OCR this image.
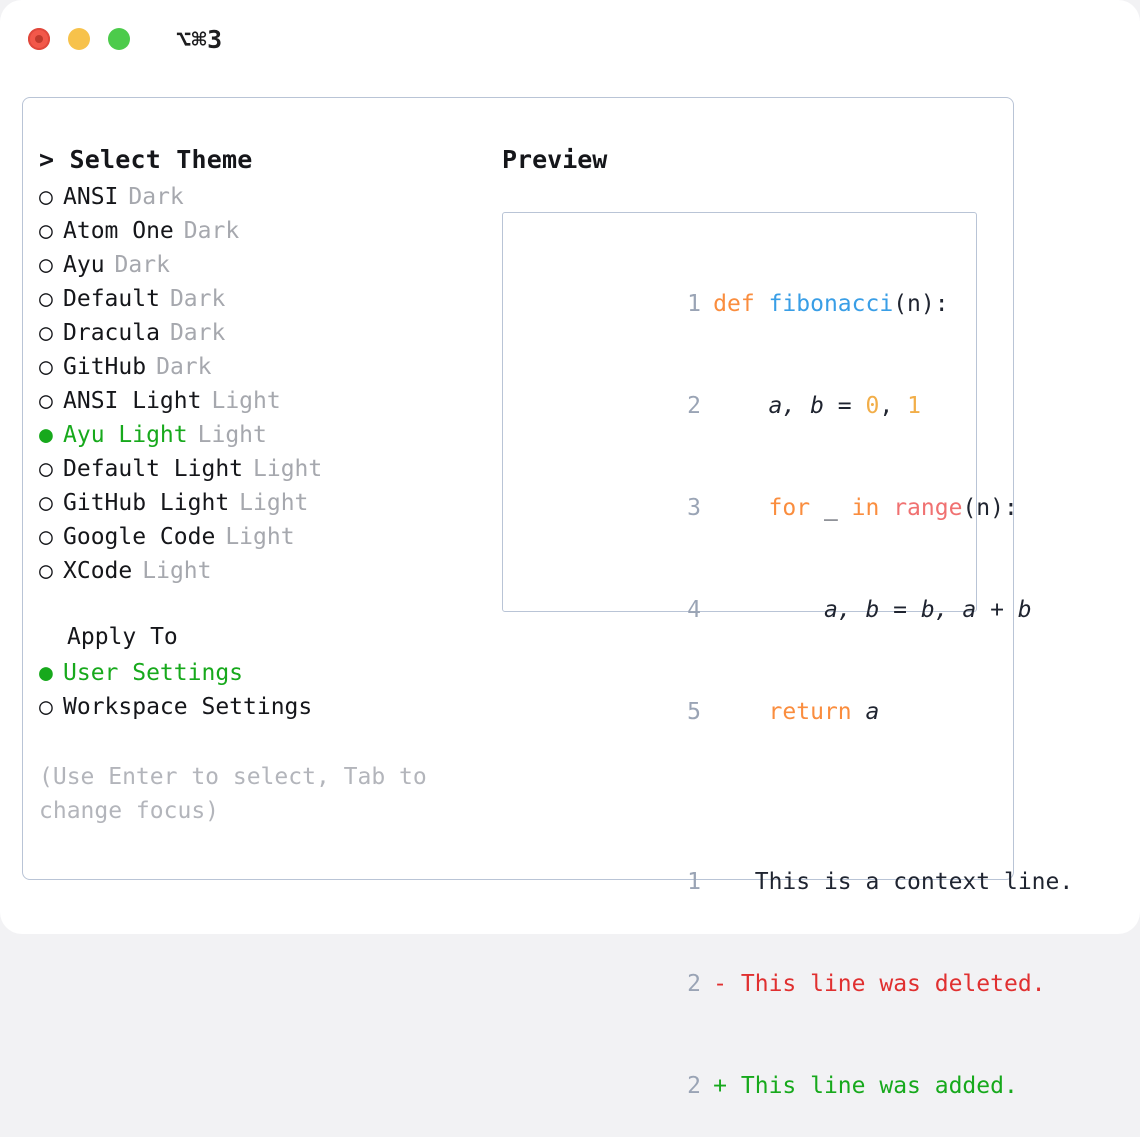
⌥⌘3
> Select Theme
○ ANSI Dark
○ Atom One Dark
○ Ayu Dark
○ Default Dark
○ Dracula Dark
○ GitHub Dark
○ ANSI Light Light
● Ayu Light Light
○ Default Light Light
○ GitHub Light Light
○ Google Code Light
○ XCode Light
Apply To
● User Settings
○ Workspace Settings
(Use Enter to select, Tab to change focus)
Preview

1 def fibonacci(n):

2    a, b = 0, 1

3    for _ in range(n):

4        a, b = b, a + b

5    return a

1   This is a context line.

2 - This line was deleted.

2 + This line was added.
